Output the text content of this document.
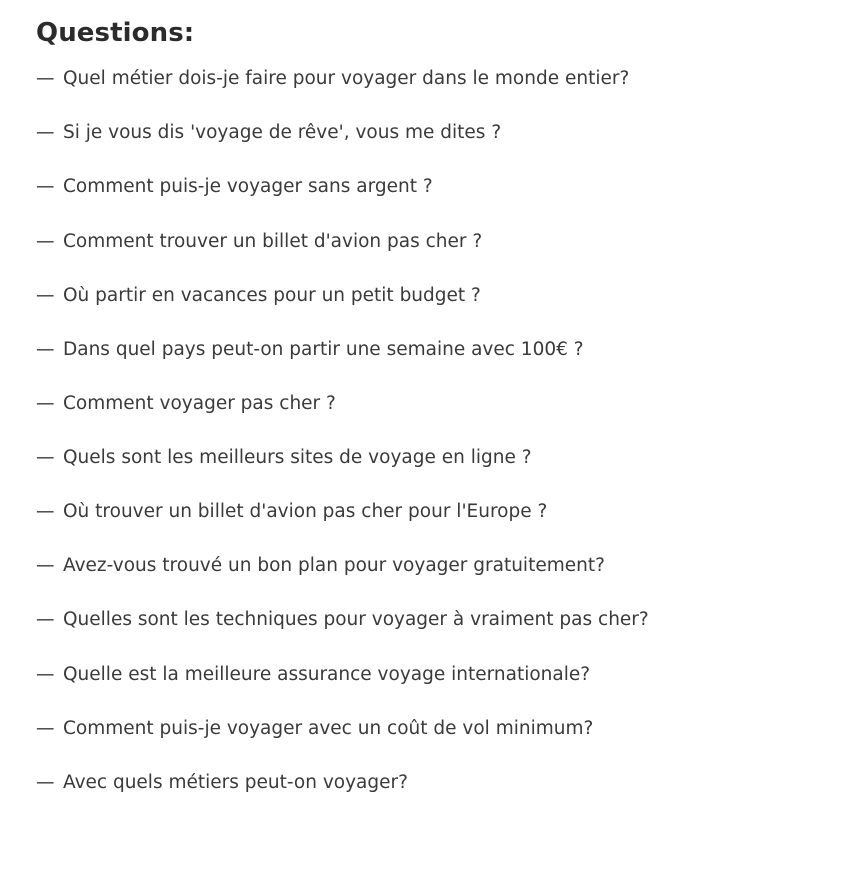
Questions:
— Quel métier dois-je faire pour voyager dans le monde entier?
— Si je vous dis 'voyage de rêve', vous me dites ?
— Comment puis-je voyager sans argent ?
— Comment trouver un billet d'avion pas cher ?
— Où partir en vacances pour un petit budget ?
— Dans quel pays peut-on partir une semaine avec 100€ ?
— Comment voyager pas cher ?
— Quels sont les meilleurs sites de voyage en ligne ?
— Où trouver un billet d'avion pas cher pour l'Europe ?
— Avez-vous trouvé un bon plan pour voyager gratuitement?
— Quelles sont les techniques pour voyager à vraiment pas cher?
— Quelle est la meilleure assurance voyage internationale?
— Comment puis-je voyager avec un coût de vol minimum?
— Avec quels métiers peut-on voyager?
